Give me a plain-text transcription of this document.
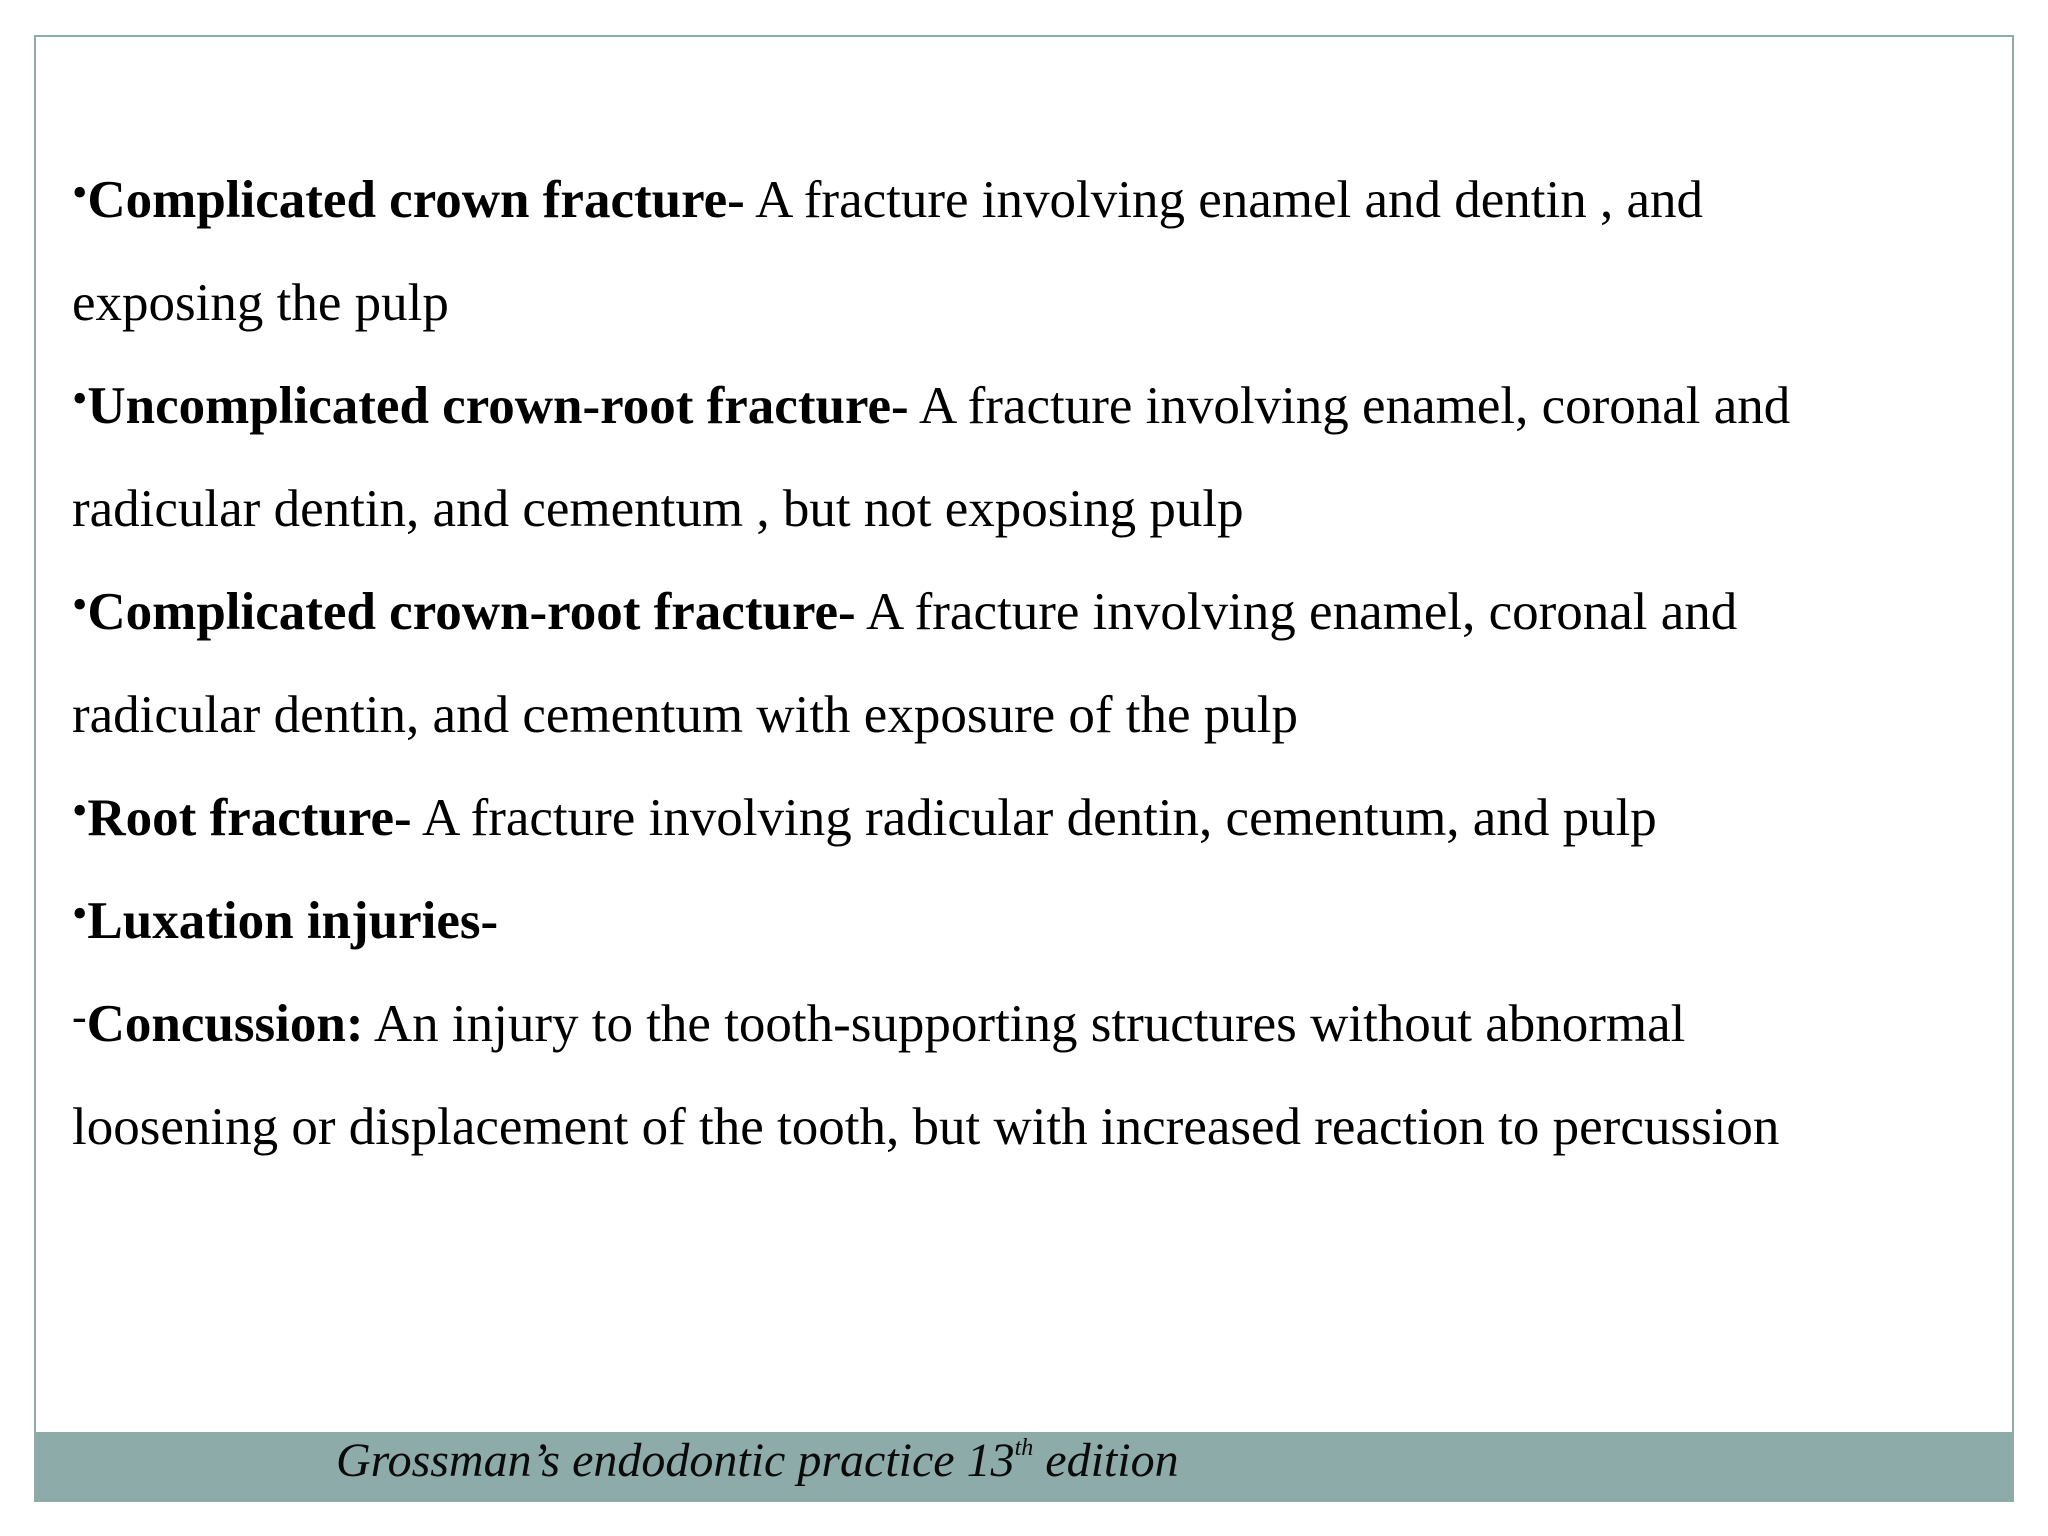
•Complicated crown fracture- A fracture involving enamel and dentin , and
exposing the pulp
•Uncomplicated crown-root fracture- A fracture involving enamel, coronal and
radicular dentin, and cementum , but not exposing pulp
•Complicated crown-root fracture- A fracture involving enamel, coronal and
radicular dentin, and cementum with exposure of the pulp
•Root fracture- A fracture involving radicular dentin, cementum, and pulp
•Luxation injuries-
-Concussion: An injury to the tooth-supporting structures without abnormal
loosening or displacement of the tooth, but with increased reaction to percussion
Grossman’s endodontic practice 13th edition
